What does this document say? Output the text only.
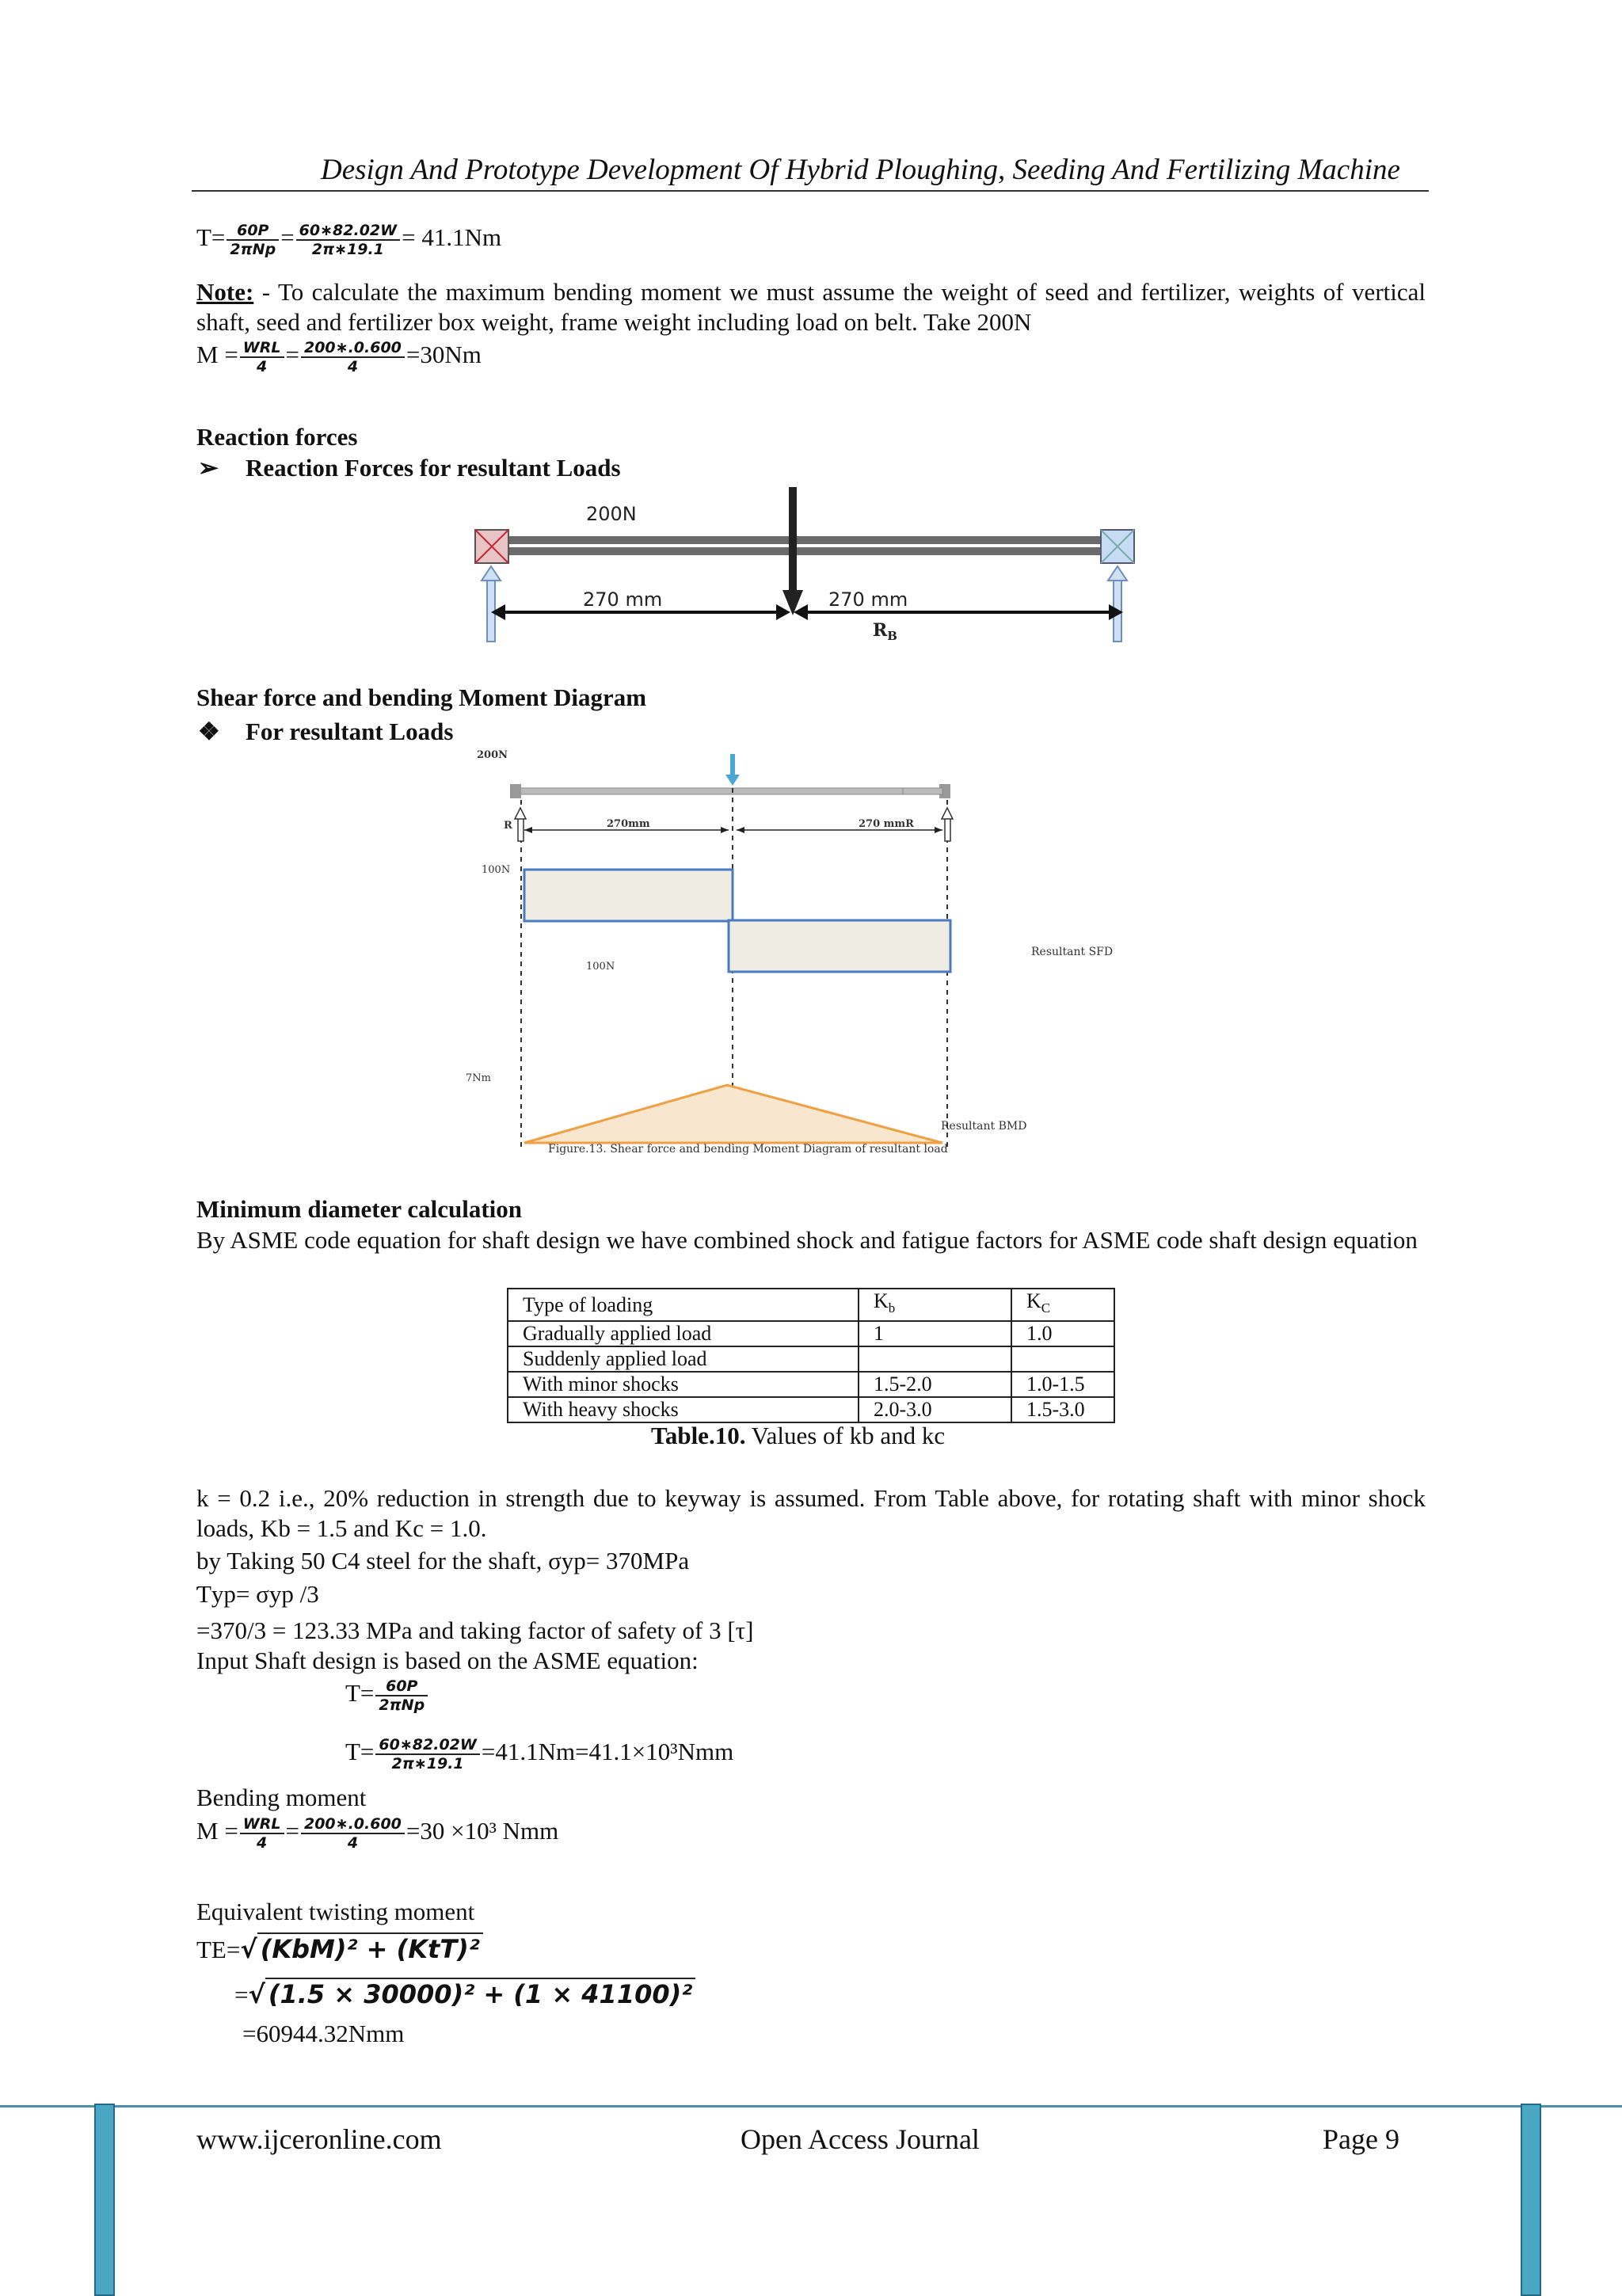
Design And Prototype Development Of Hybrid Ploughing, Seeding And Fertilizing Machine
$T= \frac{60P}{\text{2πNp}} = \frac{60∗82.02W}{2\pi∗19.1} = 41.1Nm$
Note: - To calculate the maximum bending moment we must assume the weight of seed and fertilizer, weights of vertical shaft, seed and fertilizer box weight, frame weight including load on belt. Take 200N
$M = \frac{\text{WRL}}{4} = \frac{200∗.0.600}{4} =30Nm$
Reaction forces
➢ Reaction Forces for resultant Loads
200N
270 mm	270 mm
$R_B$
Shear force and bending Moment Diagram
❖ For resultant Loads
200N
R	270mm	270 mmR
100N
100N
Resultant SFD
7Nm
Resultant BMD
Figure.13. Shear force and bending Moment Diagram of resultant load
Minimum diameter calculation
By ASME code equation for shaft design we have combined shock and fatigue factors for ASME code shaft design equation
Type of loading	$K_b$	$K_C$
Gradually applied load	1	1.0
Suddenly applied load		
With minor shocks	1.5-2.0	1.0-1.5
With heavy shocks	2.0-3.0	1.5-3.0
Table.10. Values of kb and kc
k = 0.2 i.e., 20% reduction in strength due to keyway is assumed. From Table above, for rotating shaft with minor shock loads, Kb = 1.5 and Kc = 1.0.
by Taking 50 C4 steel for the shaft, σyp= 370MPa
Ƭyp= σyp /3
=370/3 = 123.33 MPa and taking factor of safety of 3 [τ]
Input Shaft design is based on the ASME equation:
$T= \frac{60P}{\text{2πNp}}$
$T= \frac{60∗82.02W}{2\pi∗19.1} =41.1Nm=41.1\times 10^3Nmm$
Bending moment
$M = \frac{\text{WRL}}{4} = \frac{200∗.0.600}{4} =30 \times 10^3$ Nmm
Equivalent twisting moment
TE=√ (KbM)² + (KtT)²
=√ (1.5 × 30000)² + (1 × 41100)²
=60944.32Nmm
www.ijceronline.com	Open Access Journal	Page 9
